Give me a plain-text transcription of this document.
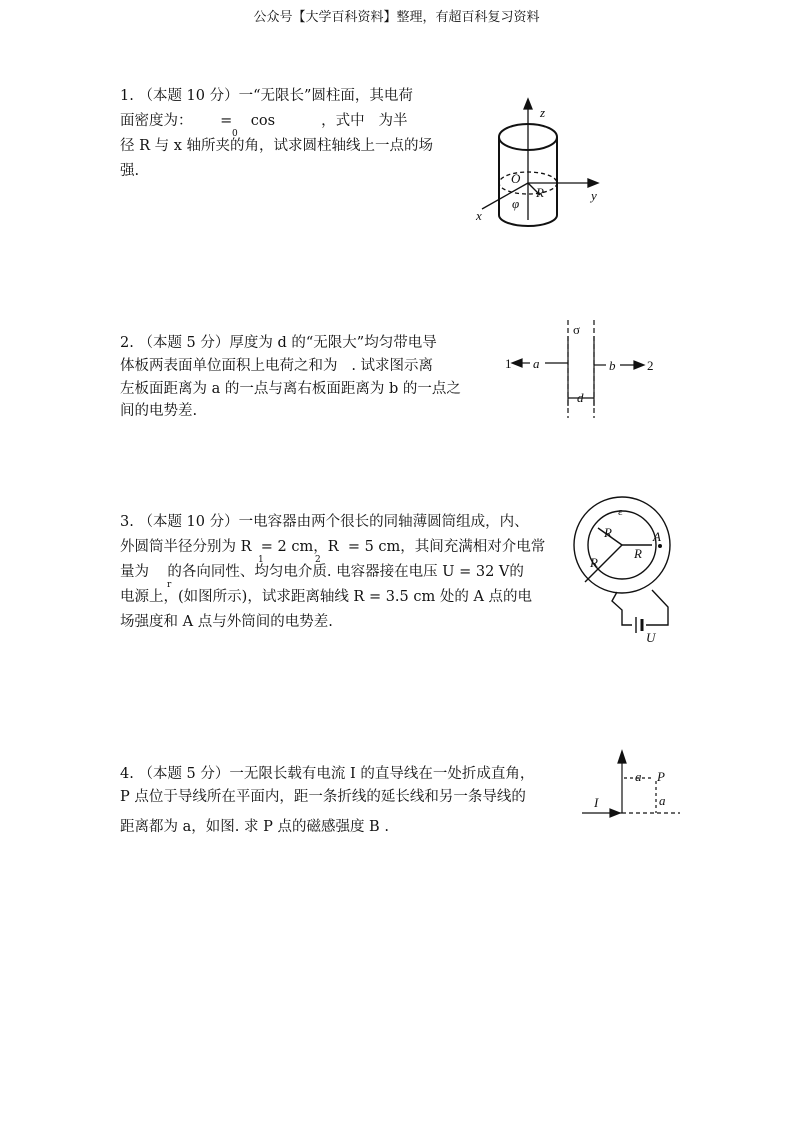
公众号【大学百科资料】整理，有超百科复习资料
1. （本题 10 分）一“无限长”圆柱面，其电荷
面密度为：      =    cos          ，式中   为半
径 R 与 x 轴所夹的角，试求圆柱轴线上一点的场
强.
0
z
y
x
O
R
φ
2. （本题 5 分）厚度为 d 的“无限大”均匀带电导
体板两表面单位面积上电荷之和为   . 试求图示离
左板面距离为 a 的一点与离右板面距离为 b 的一点之
间的电势差.
σ
1 a	b 2
d
3. （本题 10 分）一电容器由两个很长的同轴薄圆筒组成，内、
外圆筒半径分别为 R  = 2 cm，R  = 5 cm，其间充满相对介电常
量为    的各向同性、均匀电介质. 电容器接在电压 U = 32 V的
电源上，(如图所示)，试求距离轴线 R = 3.5 cm 处的 A 点的电
场强度和 A 点与外筒间的电势差.
1	2
r
ε
R
R
A
R
U
4. （本题 5 分）一无限长载有电流 I 的直导线在一处折成直角，
P 点位于导线所在平面内，距一条折线的延长线和另一条导线的
距离都为 a，如图. 求 P 点的磁感强度 B .
a P
a
I
